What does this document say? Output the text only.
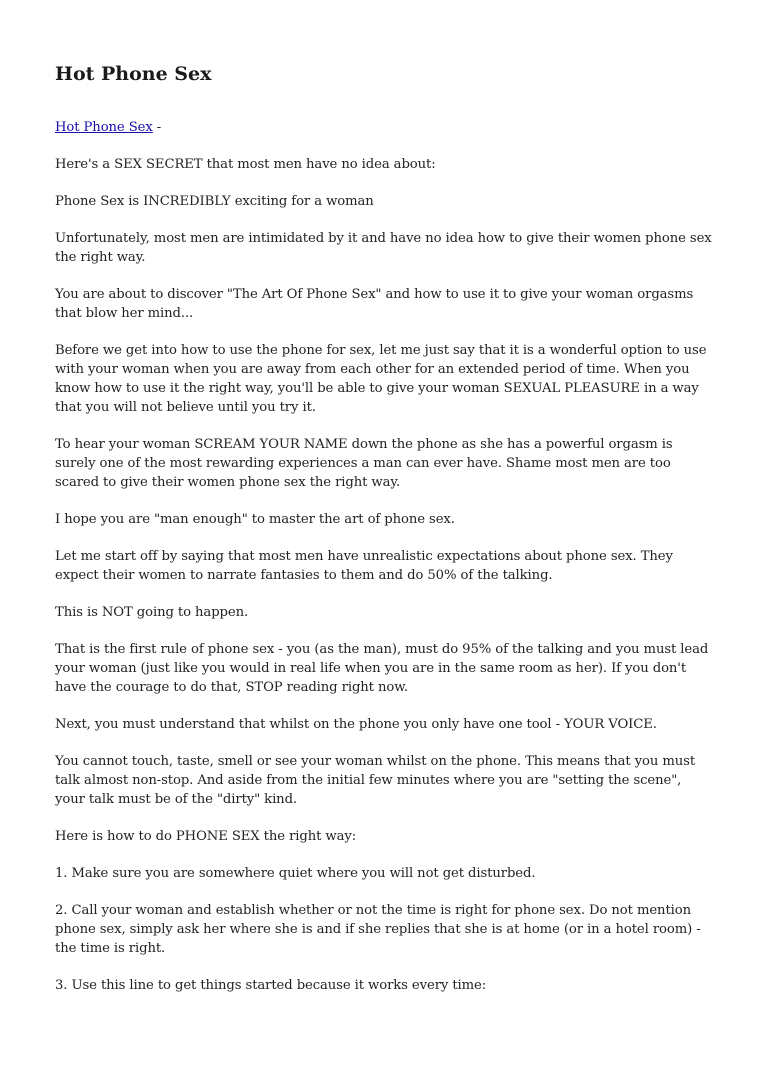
Hot Phone Sex

Hot Phone Sex -

Here's a SEX SECRET that most men have no idea about:

Phone Sex is INCREDIBLY exciting for a woman

Unfortunately, most men are intimidated by it and have no idea how to give their women phone sex the right way.

You are about to discover "The Art Of Phone Sex" and how to use it to give your woman orgasms that blow her mind...

Before we get into how to use the phone for sex, let me just say that it is a wonderful option to use with your woman when you are away from each other for an extended period of time. When you know how to use it the right way, you'll be able to give your woman SEXUAL PLEASURE in a way that you will not believe until you try it.

To hear your woman SCREAM YOUR NAME down the phone as she has a powerful orgasm is surely one of the most rewarding experiences a man can ever have. Shame most men are too scared to give their women phone sex the right way.

I hope you are "man enough" to master the art of phone sex.

Let me start off by saying that most men have unrealistic expectations about phone sex. They expect their women to narrate fantasies to them and do 50% of the talking.

This is NOT going to happen.

That is the first rule of phone sex - you (as the man), must do 95% of the talking and you must lead your woman (just like you would in real life when you are in the same room as her). If you don't have the courage to do that, STOP reading right now.

Next, you must understand that whilst on the phone you only have one tool - YOUR VOICE.

You cannot touch, taste, smell or see your woman whilst on the phone. This means that you must talk almost non-stop. And aside from the initial few minutes where you are "setting the scene", your talk must be of the "dirty" kind.

Here is how to do PHONE SEX the right way:

1. Make sure you are somewhere quiet where you will not get disturbed.

2. Call your woman and establish whether or not the time is right for phone sex. Do not mention phone sex, simply ask her where she is and if she replies that she is at home (or in a hotel room) - the time is right.

3. Use this line to get things started because it works every time:
